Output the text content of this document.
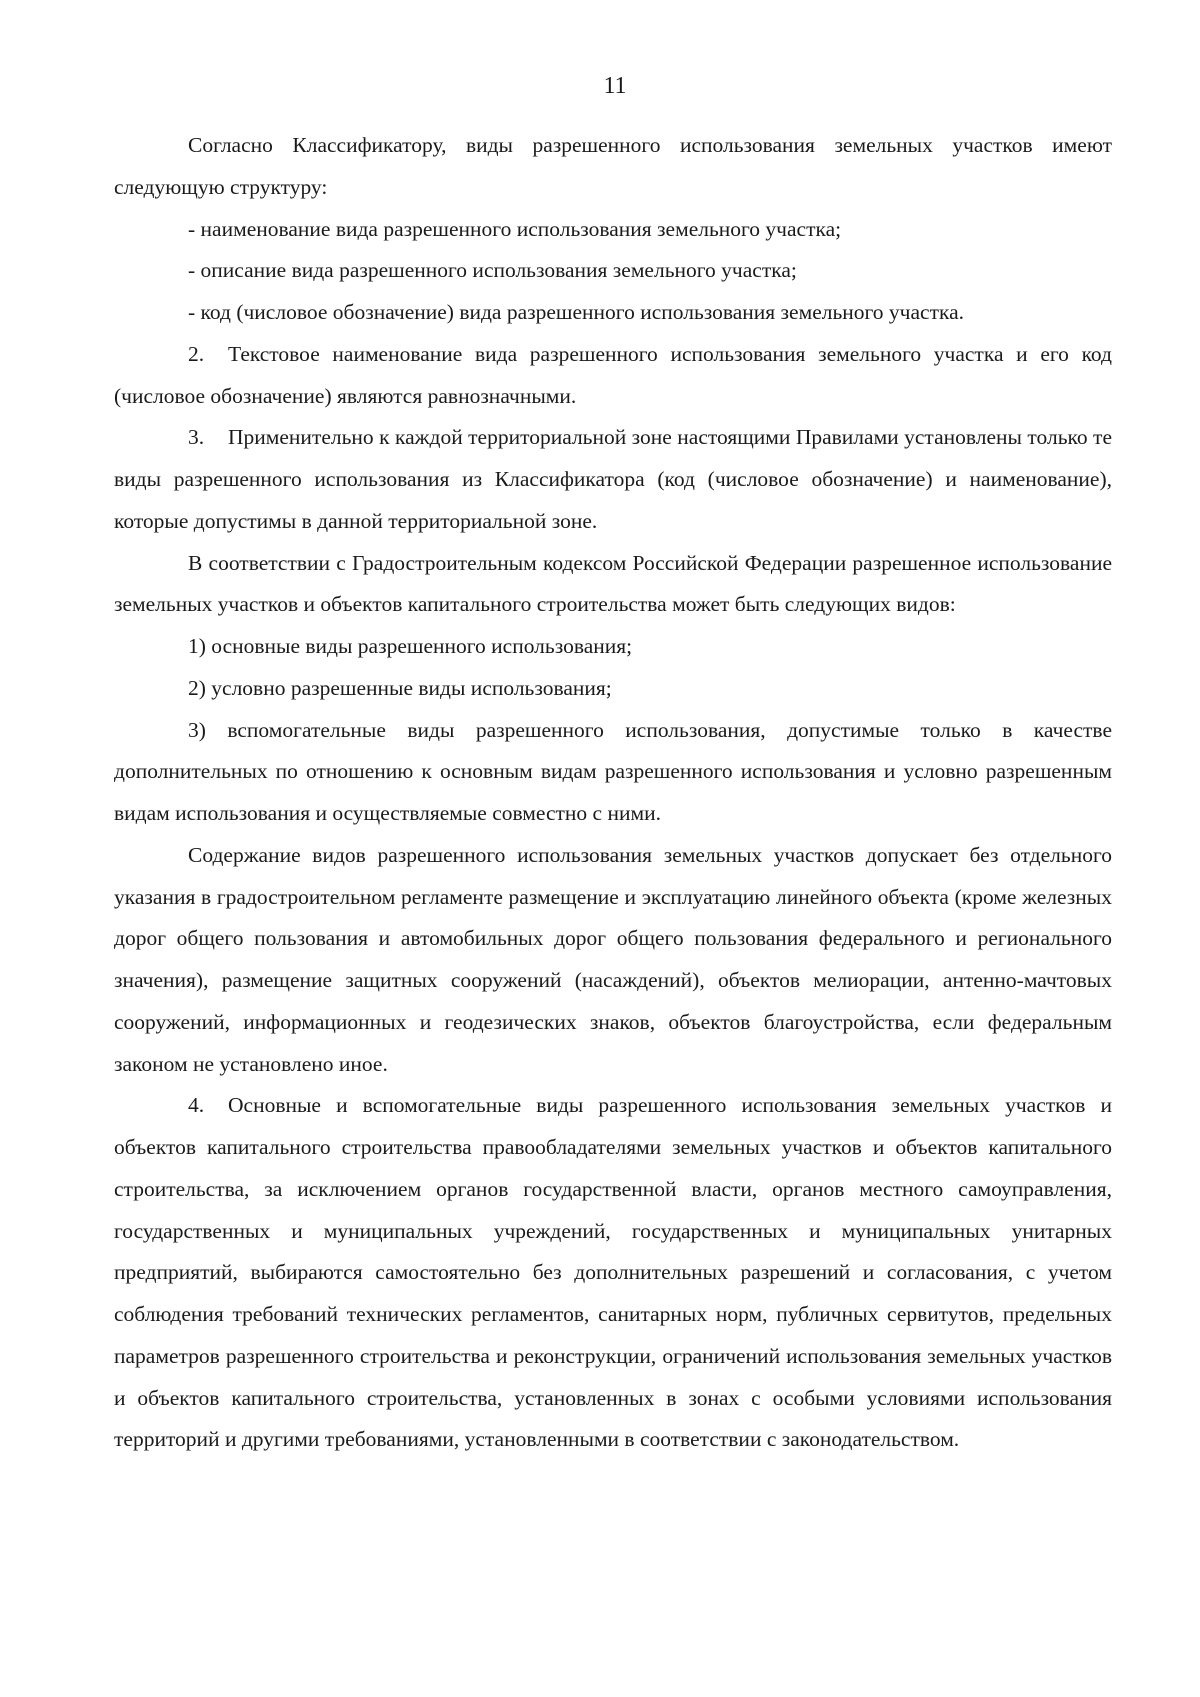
11

Согласно Классификатору, виды разрешенного использования земельных участков имеют следующую структуру:

- наименование вида разрешенного использования земельного участка;

- описание вида разрешенного использования земельного участка;

- код (числовое обозначение) вида разрешенного использования земельного участка.

2. Текстовое наименование вида разрешенного использования земельного участка и его код (числовое обозначение) являются равнозначными.

3. Применительно к каждой территориальной зоне настоящими Правилами установлены только те виды разрешенного использования из Классификатора (код (числовое обозначение) и наименование), которые допустимы в данной территориальной зоне.

В соответствии с Градостроительным кодексом Российской Федерации разрешенное использование земельных участков и объектов капитального строительства может быть следующих видов:

1) основные виды разрешенного использования;

2) условно разрешенные виды использования;

3) вспомогательные виды разрешенного использования, допустимые только в качестве дополнительных по отношению к основным видам разрешенного использования и условно разрешенным видам использования и осуществляемые совместно с ними.

Содержание видов разрешенного использования земельных участков допускает без отдельного указания в градостроительном регламенте размещение и эксплуатацию линейного объекта (кроме железных дорог общего пользования и автомобильных дорог общего пользования федерального и регионального значения), размещение защитных сооружений (насаждений), объектов мелиорации, антенно-мачтовых сооружений, информационных и геодезических знаков, объектов благоустройства, если федеральным законом не установлено иное.

4. Основные и вспомогательные виды разрешенного использования земельных участков и объектов капитального строительства правообладателями земельных участков и объектов капитального строительства, за исключением органов государственной власти, органов местного самоуправления, государственных и муниципальных учреждений, государственных и муниципальных унитарных предприятий, выбираются самостоятельно без дополнительных разрешений и согласования, с учетом соблюдения требований технических регламентов, санитарных норм, публичных сервитутов, предельных параметров разрешенного строительства и реконструкции, ограничений использования земельных участков и объектов капитального строительства, установленных в зонах с особыми условиями использования территорий и другими требованиями, установленными в соответствии с законодательством.
